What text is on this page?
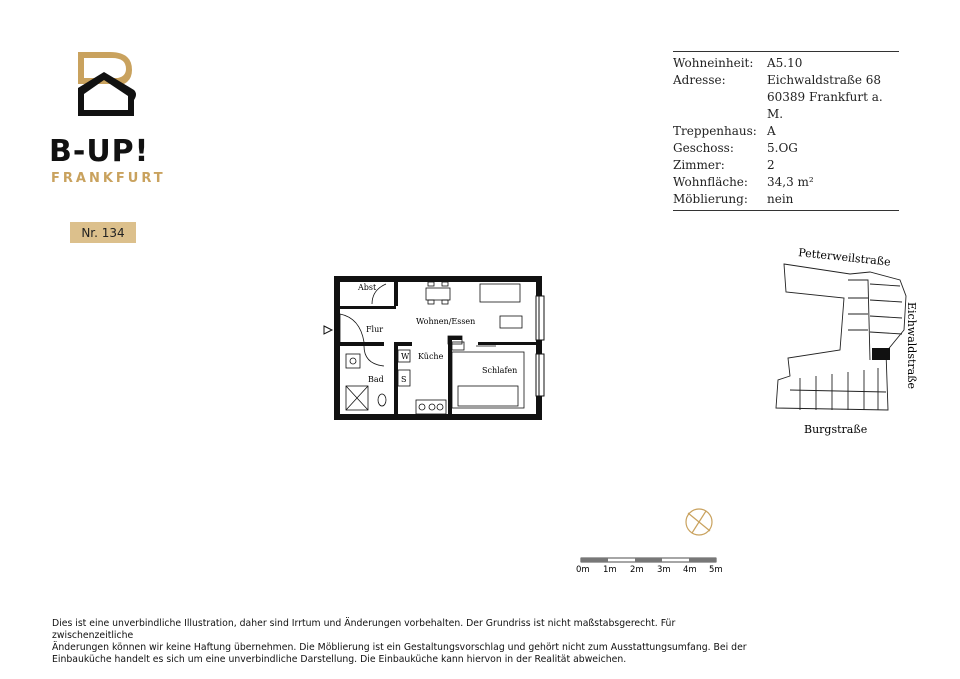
B-UP!
FRANKFURT
Nr. 134
Wohneinheit:	A5.10
Adresse:	Eichwaldstraße 68
60389 Frankfurt a. M.
Treppenhaus: A
Geschoss:	5.OG
Zimmer:	2
Wohnfläche:	34,3 m²
Möblierung:	nein
Abst
Flur
Wohnen/Essen
Küche
Bad
Schlafen
W
S
Petterweilstraße
Eichwaldstraße
Burgstraße
0m 1m 2m 3m 4m 5m
Dies ist eine unverbindliche Illustration, daher sind Irrtum und Änderungen vorbehalten. Der Grundriss ist nicht maßstabsgerecht. Für zwischenzeitliche
Änderungen können wir keine Haftung übernehmen. Die Möblierung ist ein Gestaltungsvorschlag und gehört nicht zum Ausstattungsumfang. Bei der
Einbauküche handelt es sich um eine unverbindliche Darstellung. Die Einbauküche kann hiervon in der Realität abweichen.
